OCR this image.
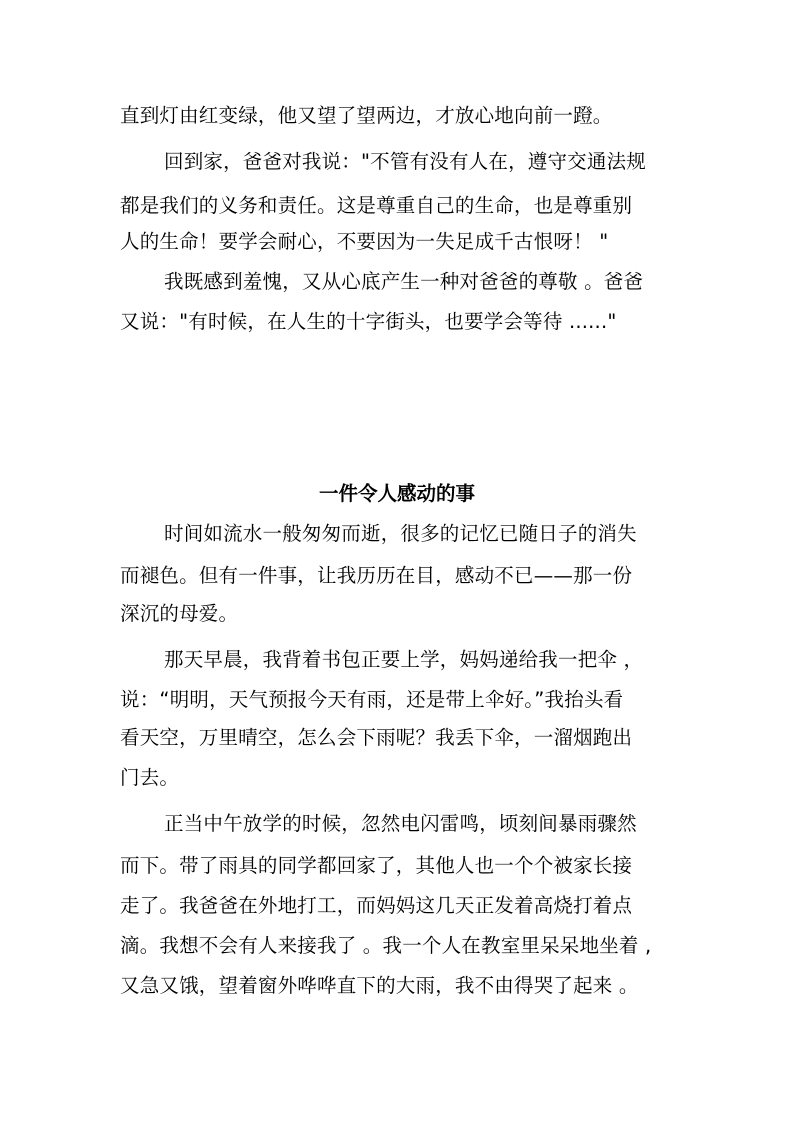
直到灯由红变绿，他又望了望两边，才放心地向前一蹬。
回到家，爸爸对我说："不管有没有人在，遵守交通法规
都是我们的义务和责任。这是尊重自己的生命，也是尊重别
人的生命！要学会耐心，不要因为一失足成千古恨呀！ "
我既感到羞愧，又从心底产生一种对爸爸的尊敬 。爸爸
又说："有时候，在人生的十字街头，也要学会等待 ......"
一件令人感动的事
时间如流水一般匆匆而逝，很多的记忆已随日子的消失
而褪色。但有一件事，让我历历在目，感动不已——那一份
深沉的母爱。
那天早晨，我背着书包正要上学，妈妈递给我一把伞 ，
说：“明明，天气预报今天有雨，还是带上伞好。”我抬头看
看天空，万里晴空，怎么会下雨呢？我丢下伞，一溜烟跑出
门去。
正当中午放学的时候，忽然电闪雷鸣，顷刻间暴雨骤然
而下。带了雨具的同学都回家了，其他人也一个个被家长接
走了。我爸爸在外地打工，而妈妈这几天正发着高烧打着点
滴。我想不会有人来接我了 。我一个人在教室里呆呆地坐着 ,
又急又饿，望着窗外哗哗直下的大雨，我不由得哭了起来 。
